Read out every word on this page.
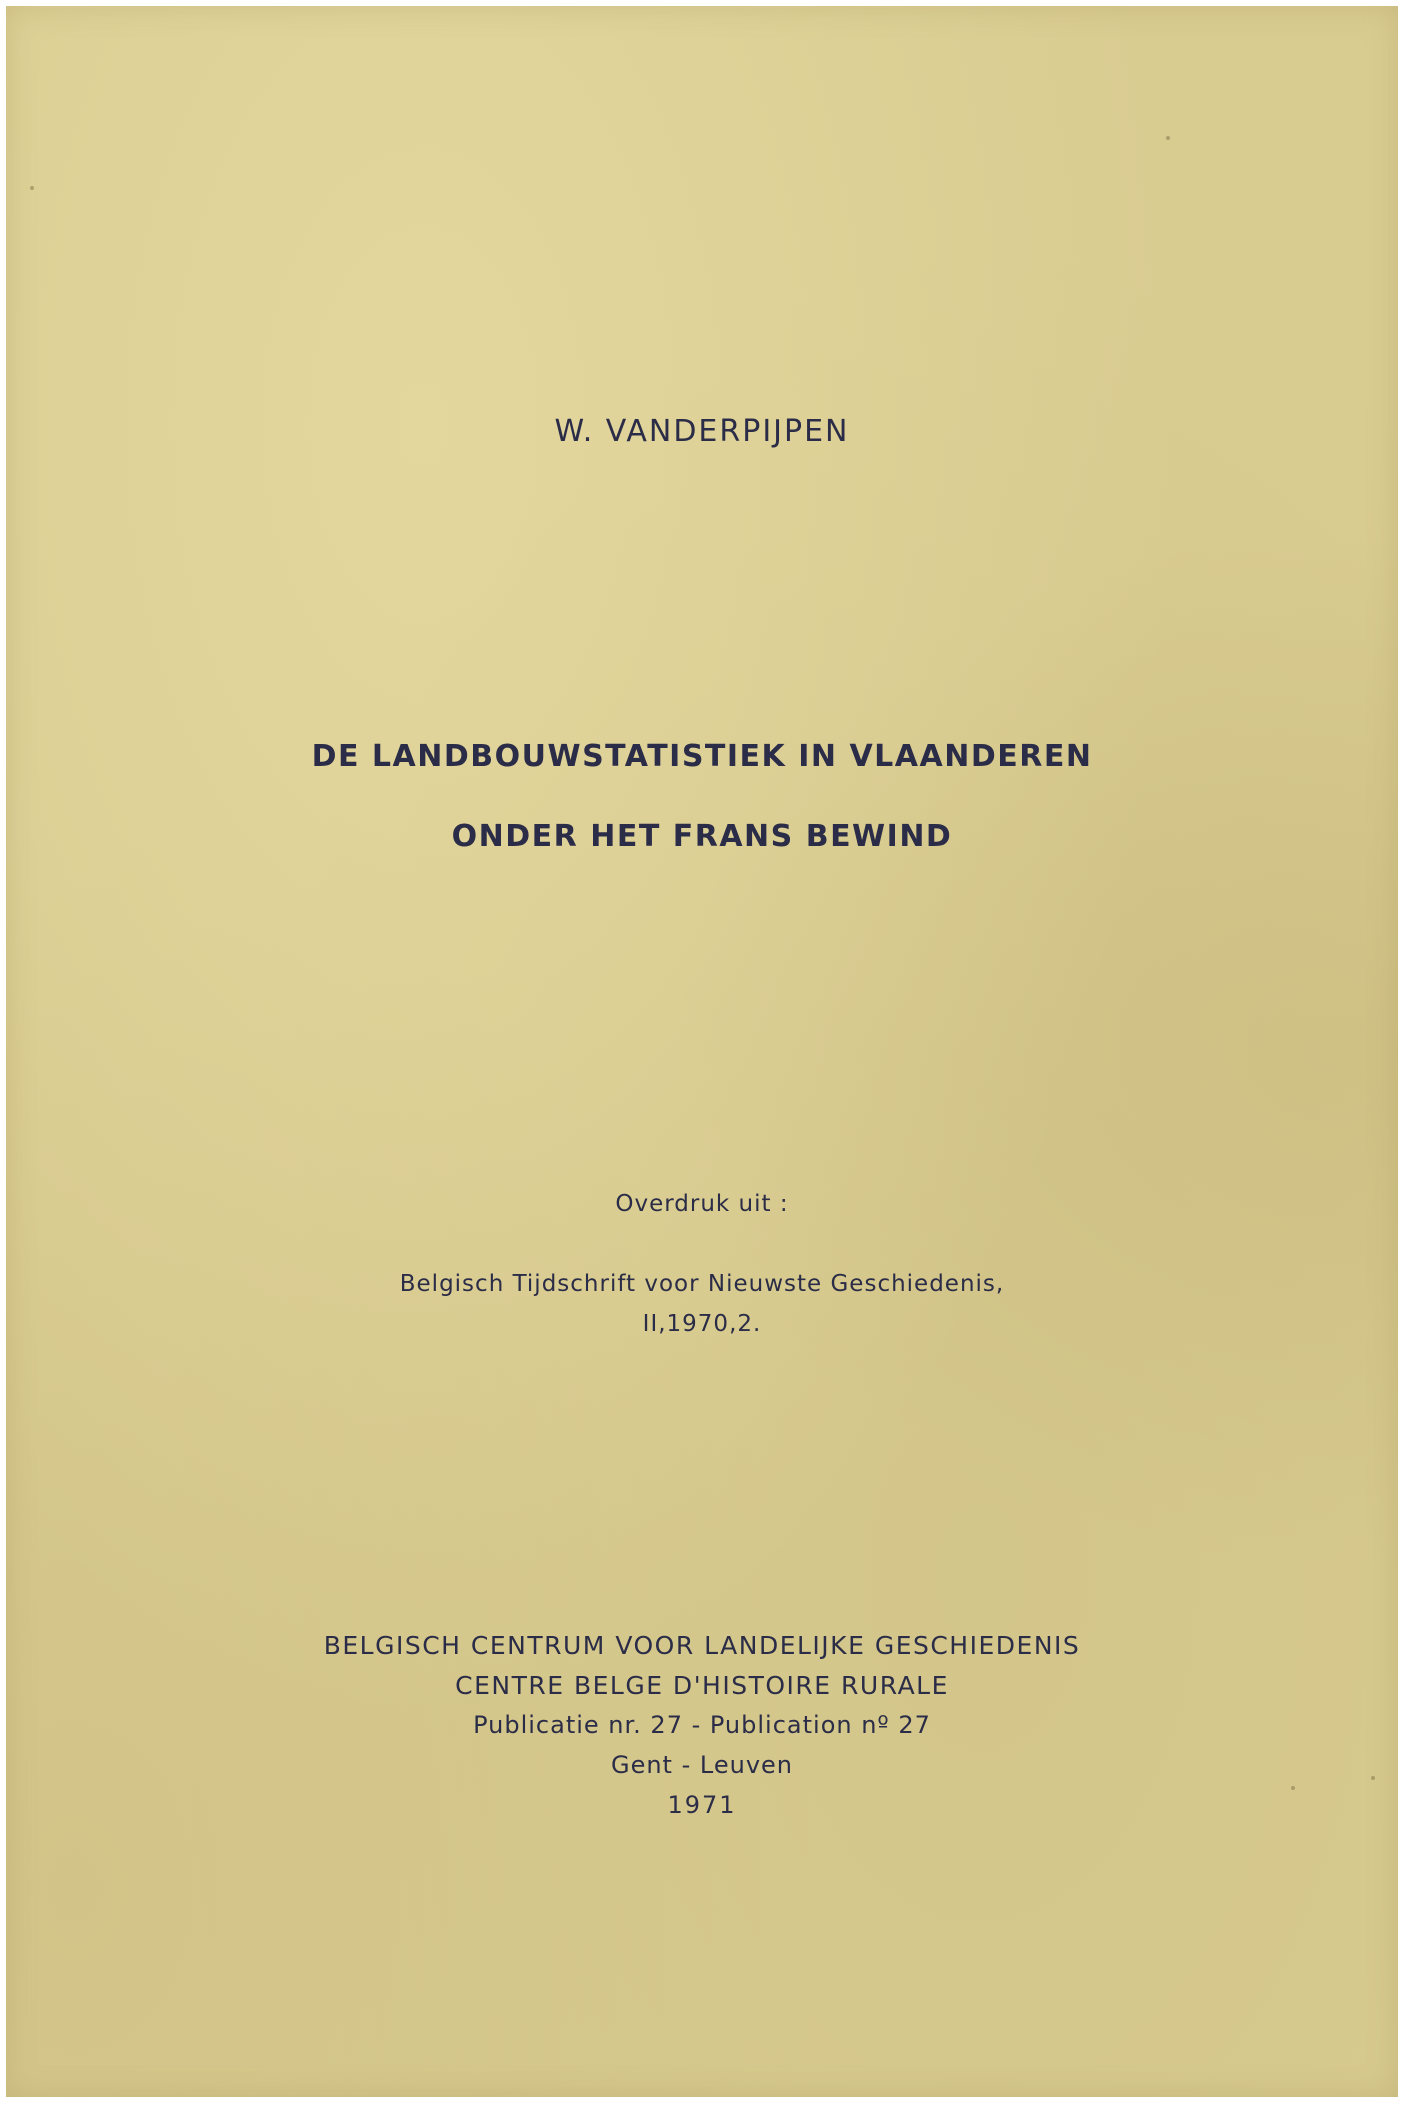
W. VANDERPIJPEN
DE LANDBOUWSTATISTIEK IN VLAANDEREN
ONDER HET FRANS BEWIND
Overdruk uit :
Belgisch Tijdschrift voor Nieuwste Geschiedenis,
II,1970,2.
BELGISCH CENTRUM VOOR LANDELIJKE GESCHIEDENIS
CENTRE BELGE D'HISTOIRE RURALE
Publicatie nr. 27 - Publication nº 27
Gent - Leuven
1971
